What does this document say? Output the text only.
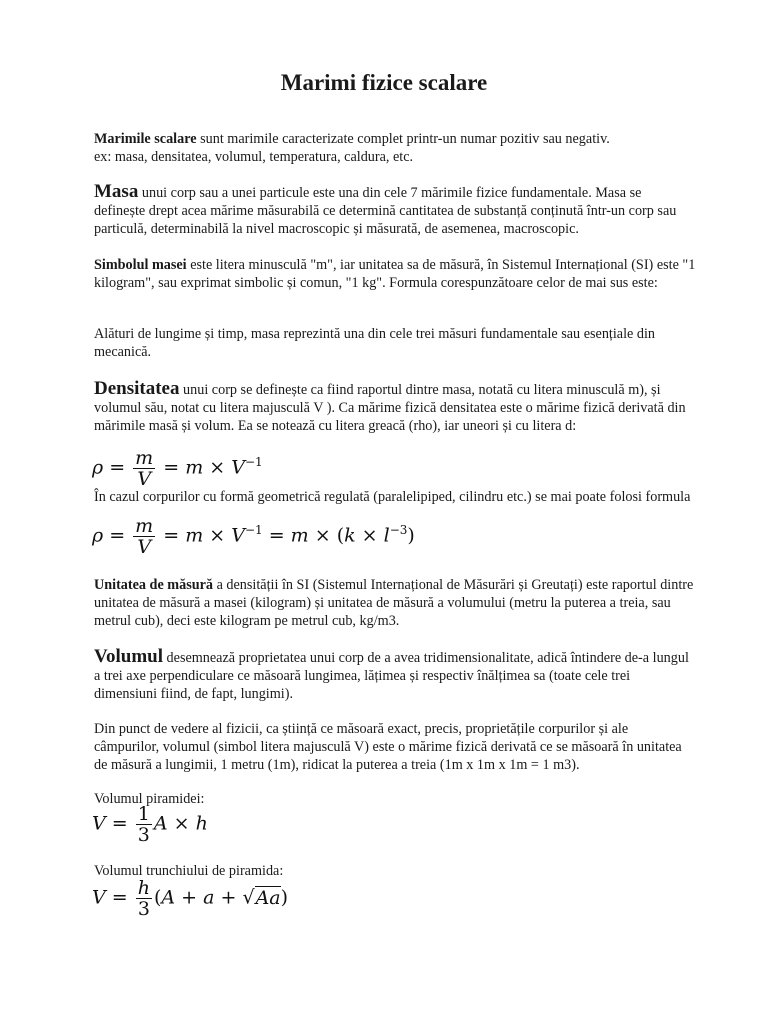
Marimi fizice scalare

Marimile scalare sunt marimile caracterizate complet printr-un numar pozitiv sau negativ.

ex: masa, densitatea, volumul, temperatura, caldura, etc.

Masa unui corp sau a unei particule este una din cele 7 mărimile fizice fundamentale. Masa se definește drept acea mărime măsurabilă ce determină cantitatea de substanță conținută într-un corp sau particulă, determinabilă la nivel macroscopic și măsurată, de asemenea, macroscopic.

Simbolul masei este litera minusculă "m", iar unitatea sa de măsură, în Sistemul Internațional (SI) este "1 kilogram", sau exprimat simbolic și comun, "1 kg". Formula corespunzătoare celor de mai sus este:

Alături de lungime și timp, masa reprezintă una din cele trei măsuri fundamentale sau esențiale din mecanică.

Densitatea unui corp se definește ca fiind raportul dintre masa, notată cu litera minusculă m), și volumul său, notat cu litera majusculă V ). Ca mărime fizică densitatea este o mărime fizică derivată din mărimile masă și volum. Ea se notează cu litera greacă (rho), iar uneori și cu litera d:

$\rho = \frac{m}{V} = m \times V^{-1}$

În cazul corpurilor cu formă geometrică regulată (paralelipiped, cilindru etc.) se mai poate folosi formula

$\rho = \frac{m}{V} = m \times V^{-1} = m \times (k \times l^{-3})$

Unitatea de măsură a densității în SI (Sistemul Internațional de Măsurări și Greutați) este raportul dintre unitatea de măsură a masei (kilogram) și unitatea de măsură a volumului (metru la puterea a treia, sau metrul cub), deci este kilogram pe metrul cub, kg/m3.

Volumul desemnează proprietatea unui corp de a avea tridimensionalitate, adică întindere de-a lungul a trei axe perpendiculare ce măsoară lungimea, lățimea și respectiv înălțimea sa (toate cele trei dimensiuni fiind, de fapt, lungimi).

Din punct de vedere al fizicii, ca știință ce măsoară exact, precis, proprietățile corpurilor și ale câmpurilor, volumul (simbol litera majusculă V) este o mărime fizică derivată ce se măsoară în unitatea de măsură a lungimii, 1 metru (1m), ridicat la puterea a treia (1m x 1m x 1m = 1 m3).

Volumul piramidei:
$V = \frac{1}{3}$ A × h
Volumul trunchiului de piramida:
$V = \frac{h}{3} (A + a + √Aa)$
